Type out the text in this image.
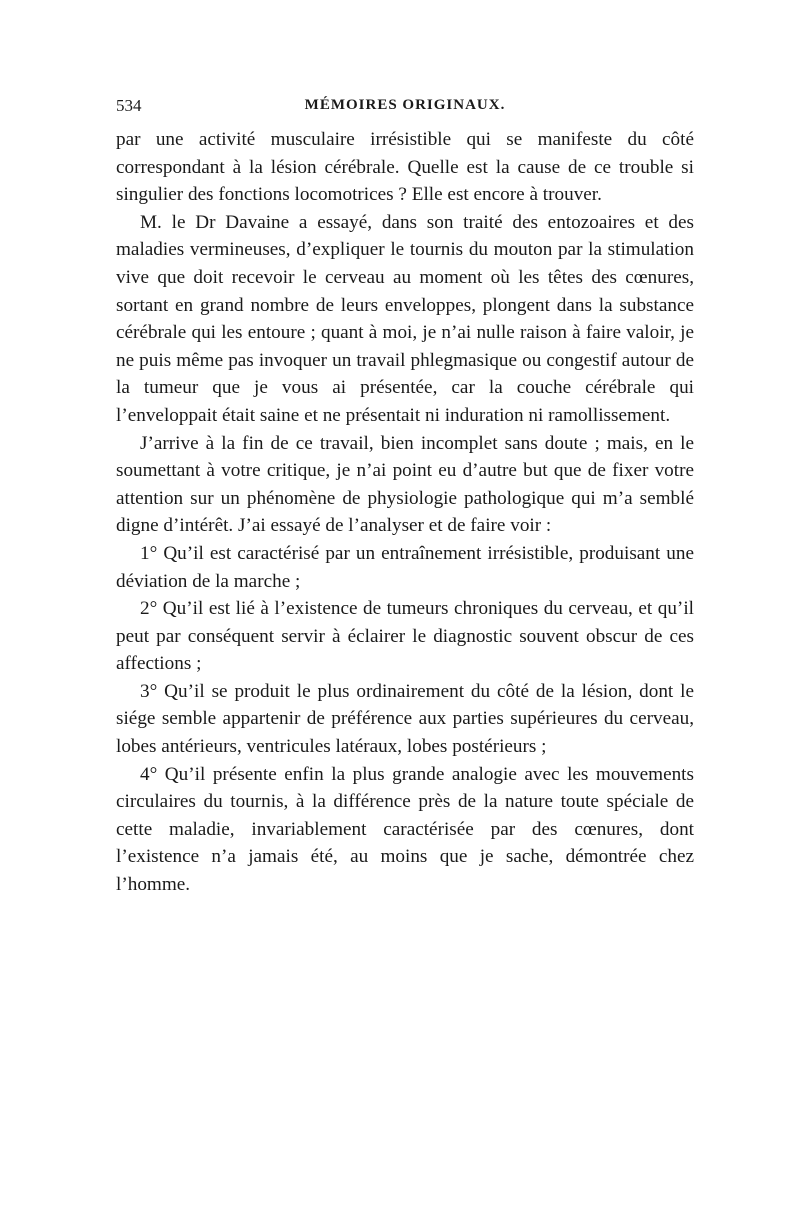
534	MÉMOIRES ORIGINAUX.

par une activité musculaire irrésistible qui se manifeste du côté correspondant à la lésion cérébrale. Quelle est la cause de ce trouble si singulier des fonctions locomotrices ? Elle est encore à trouver.

M. le Dr Davaine a essayé, dans son traité des entozoaires et des maladies vermineuses, d’expliquer le tournis du mouton par la stimulation vive que doit recevoir le cerveau au moment où les têtes des cœnures, sortant en grand nombre de leurs enveloppes, plongent dans la substance cérébrale qui les entoure ; quant à moi, je n’ai nulle raison à faire valoir, je ne puis même pas invoquer un travail phlegmasique ou congestif autour de la tumeur que je vous ai présentée, car la couche cérébrale qui l’enveloppait était saine et ne présentait ni induration ni ramollissement.

J’arrive à la fin de ce travail, bien incomplet sans doute ; mais, en le soumettant à votre critique, je n’ai point eu d’autre but que de fixer votre attention sur un phénomène de physiologie pathologique qui m’a semblé digne d’intérêt. J’ai essayé de l’analyser et de faire voir :

1° Qu’il est caractérisé par un entraînement irrésistible, produisant une déviation de la marche ;

2° Qu’il est lié à l’existence de tumeurs chroniques du cerveau, et qu’il peut par conséquent servir à éclairer le diagnostic souvent obscur de ces affections ;

3° Qu’il se produit le plus ordinairement du côté de la lésion, dont le siége semble appartenir de préférence aux parties supérieures du cerveau, lobes antérieurs, ventricules latéraux, lobes postérieurs ;

4° Qu’il présente enfin la plus grande analogie avec les mouvements circulaires du tournis, à la différence près de la nature toute spéciale de cette maladie, invariablement caractérisée par des cœnures, dont l’existence n’a jamais été, au moins que je sache, démontrée chez l’homme.
